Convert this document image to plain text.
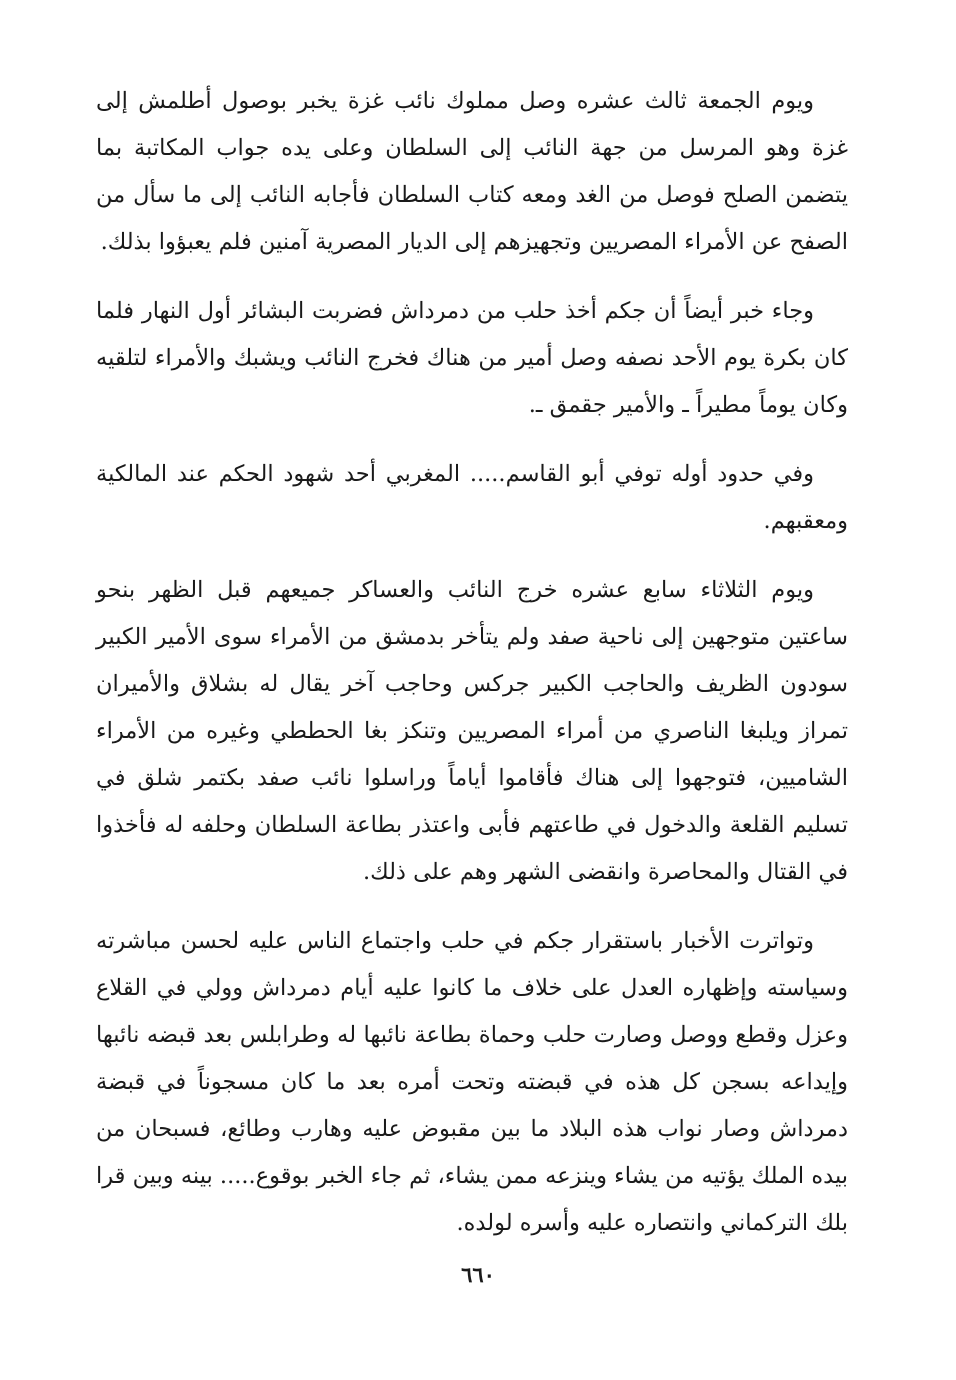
ويوم الجمعة ثالث عشره وصل مملوك نائب غزة يخبر بوصول أطلمش إلى غزة وهو المرسل من جهة النائب إلى السلطان وعلى يده جواب المكاتبة بما يتضمن الصلح فوصل من الغد ومعه كتاب السلطان فأجابه النائب إلى ما سأل من الصفح عن الأمراء المصريين وتجهيزهم إلى الديار المصرية آمنين فلم يعبؤوا بذلك.

وجاء خبر أيضاً أن جكم أخذ حلب من دمرداش فضربت البشائر أول النهار فلما كان بكرة يوم الأحد نصفه وصل أمير من هناك فخرج النائب ويشبك والأمراء لتلقيه وكان يوماً مطيراً ـ والأمير جقمق ـ.

وفي حدود أوله توفي أبو القاسم..... المغربي أحد شهود الحكم عند المالكية ومعقبهم.

ويوم الثلاثاء سابع عشره خرج النائب والعساكر جميعهم قبل الظهر بنحو ساعتين متوجهين إلى ناحية صفد ولم يتأخر بدمشق من الأمراء سوى الأمير الكبير سودون الظريف والحاجب الكبير جركس وحاجب آخر يقال له بشلاق والأميران تمراز ويلبغا الناصري من أمراء المصريين وتنكز بغا الحططي وغيره من الأمراء الشاميين، فتوجهوا إلى هناك فأقاموا أياماً وراسلوا نائب صفد بكتمر شلق في تسليم القلعة والدخول في طاعتهم فأبى واعتذر بطاعة السلطان وحلفه له فأخذوا في القتال والمحاصرة وانقضى الشهر وهم على ذلك.

وتواترت الأخبار باستقرار جكم في حلب واجتماع الناس عليه لحسن مباشرته وسياسته وإظهاره العدل على خلاف ما كانوا عليه أيام دمرداش وولي في القلاع وعزل وقطع ووصل وصارت حلب وحماة بطاعة نائبها له وطرابلس بعد قبضه نائبها وإيداعه بسجن كل هذه في قبضته وتحت أمره بعد ما كان مسجوناً في قبضة دمرداش وصار نواب هذه البلاد ما بين مقبوض عليه وهارب وطائع، فسبحان من بيده الملك يؤتيه من يشاء وينزعه ممن يشاء، ثم جاء الخبر بوقوع..... بينه وبين قرا بلك التركماني وانتصاره عليه وأسره لولده.

٦٦٠
